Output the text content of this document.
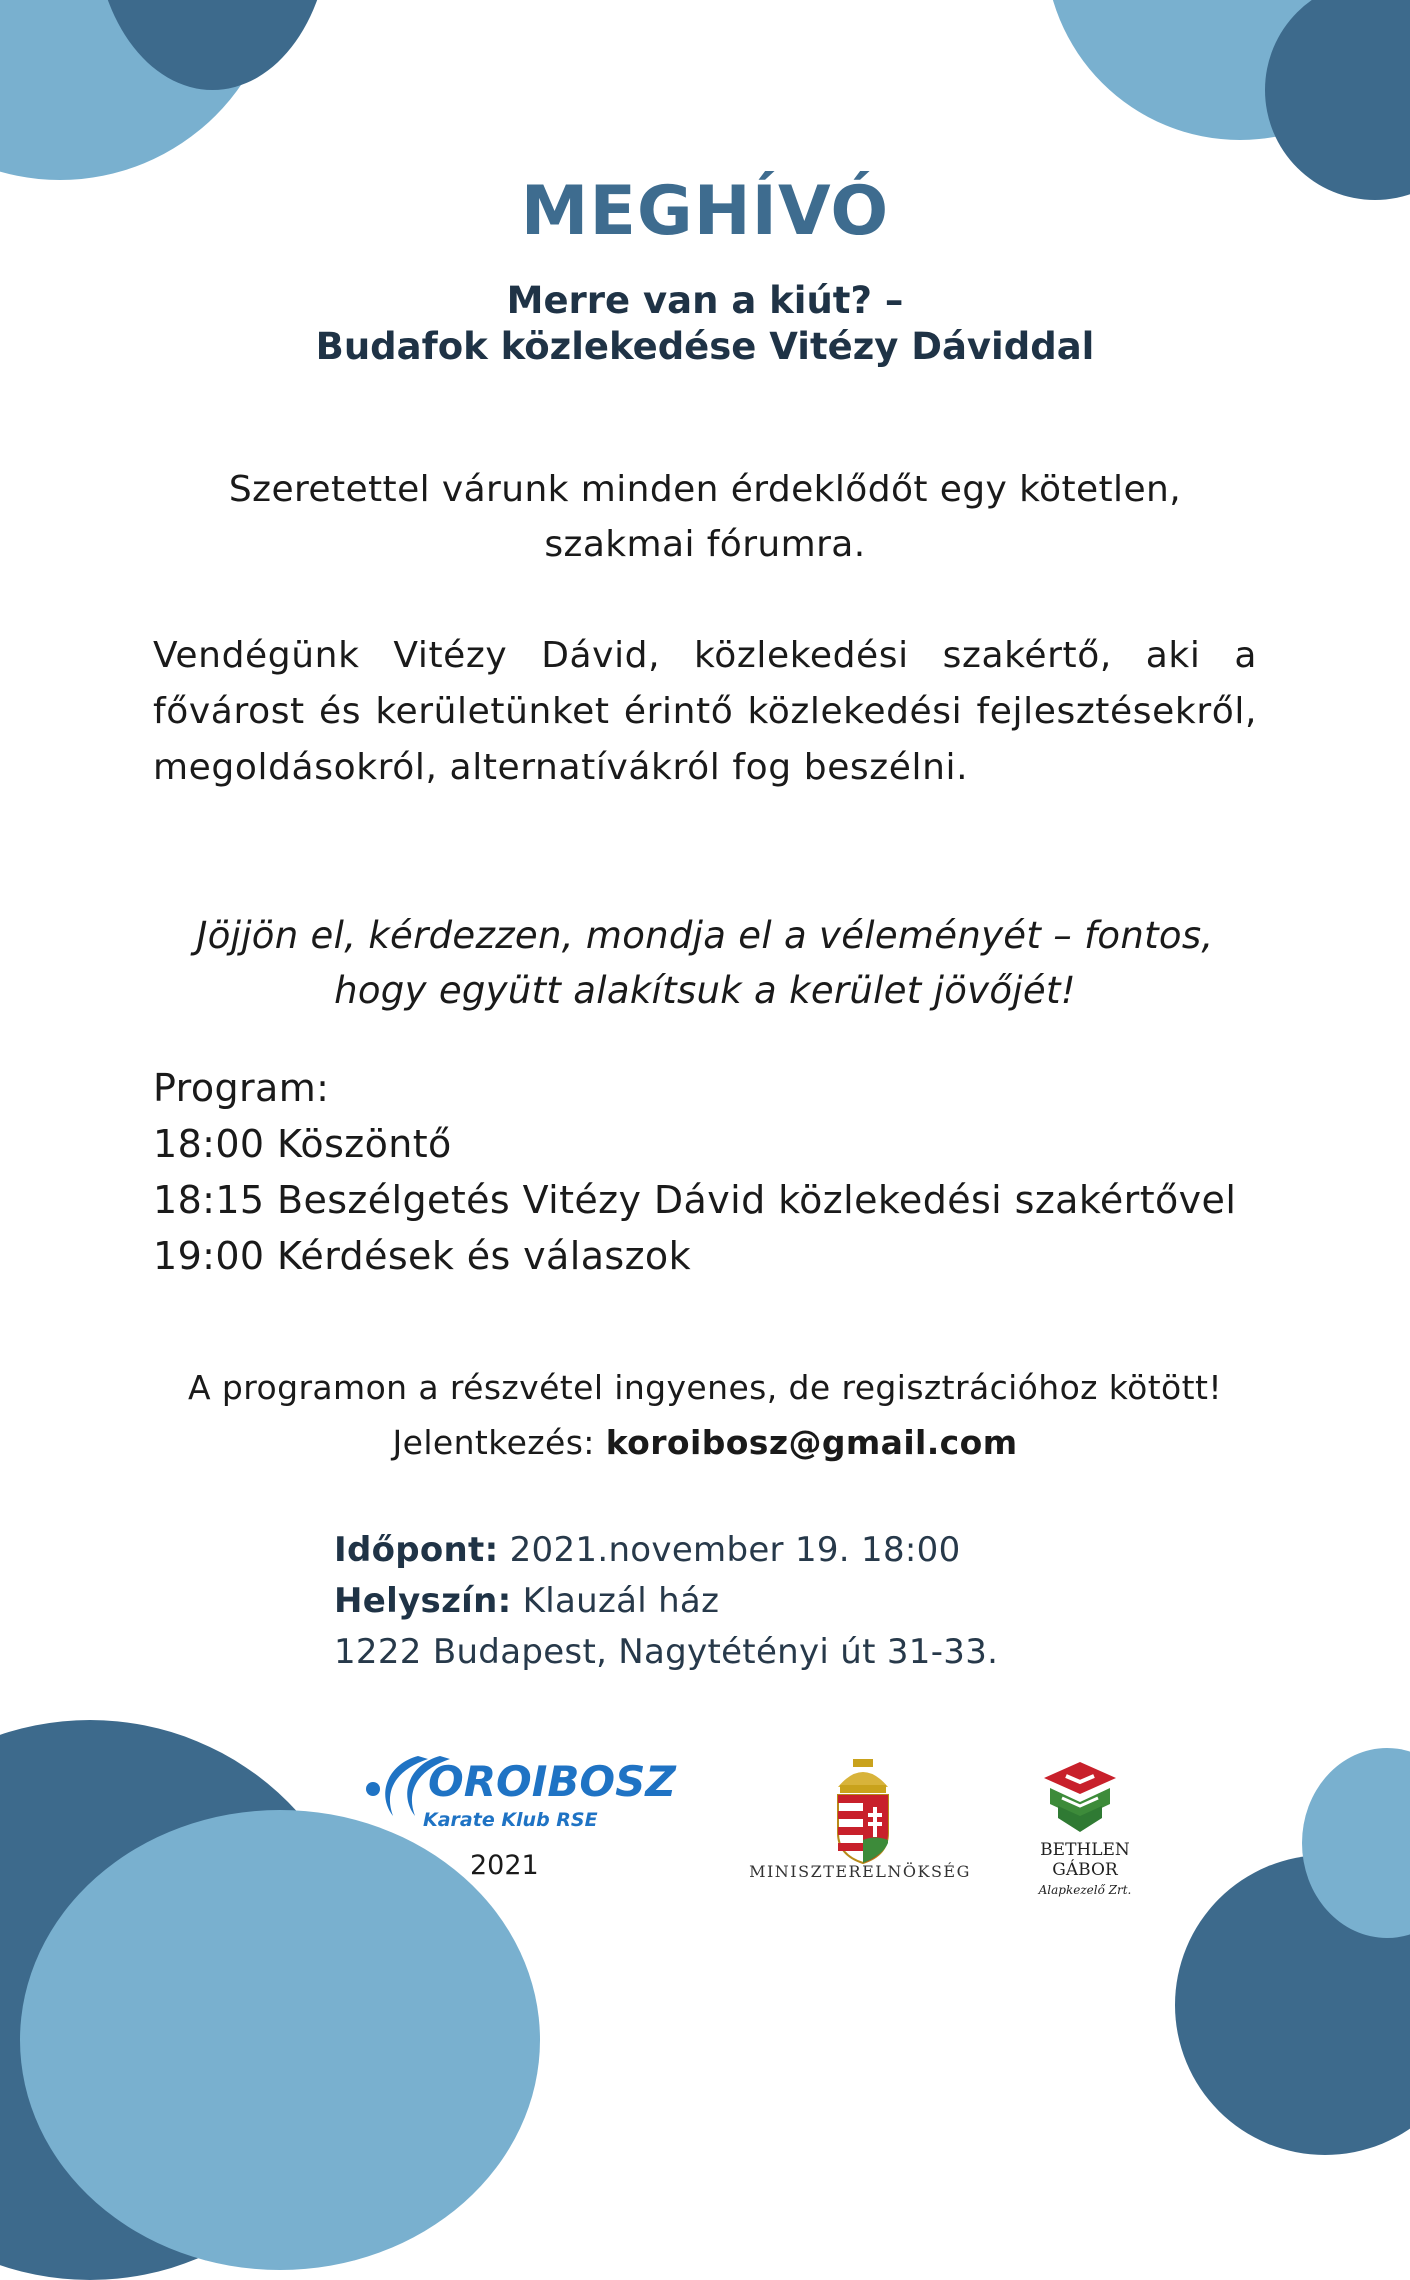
MEGHÍVÓ
Merre van a kiút? –
Budafok közlekedése Vitézy Dáviddal
Szeretettel várunk minden érdeklődőt egy kötetlen,
szakmai fórumra.
Vendégünk Vitézy Dávid, közlekedési szakértő, aki a fővárost és kerületünket érintő közlekedési fejlesztésekről, megoldásokról, alternatívákról fog beszélni.
Jöjjön el, kérdezzen, mondja el a véleményét – fontos,
hogy együtt alakítsuk a kerület jövőjét!
Program:
18:00 Köszöntő
18:15 Beszélgetés Vitézy Dávid közlekedési szakértővel
19:00 Kérdések és válaszok
A programon a részvétel ingyenes, de regisztrációhoz kötött!
Jelentkezés: koroibosz@gmail.com
Időpont: 2021.november 19. 18:00
Helyszín: Klauzál ház
1222 Budapest, Nagytétényi út 31-33.
OROIBOSZ
Karate Klub RSE
2021	MINISZTERELNÖKSÉG
BETHLEN GÁBOR
Alapkezelő Zrt.
